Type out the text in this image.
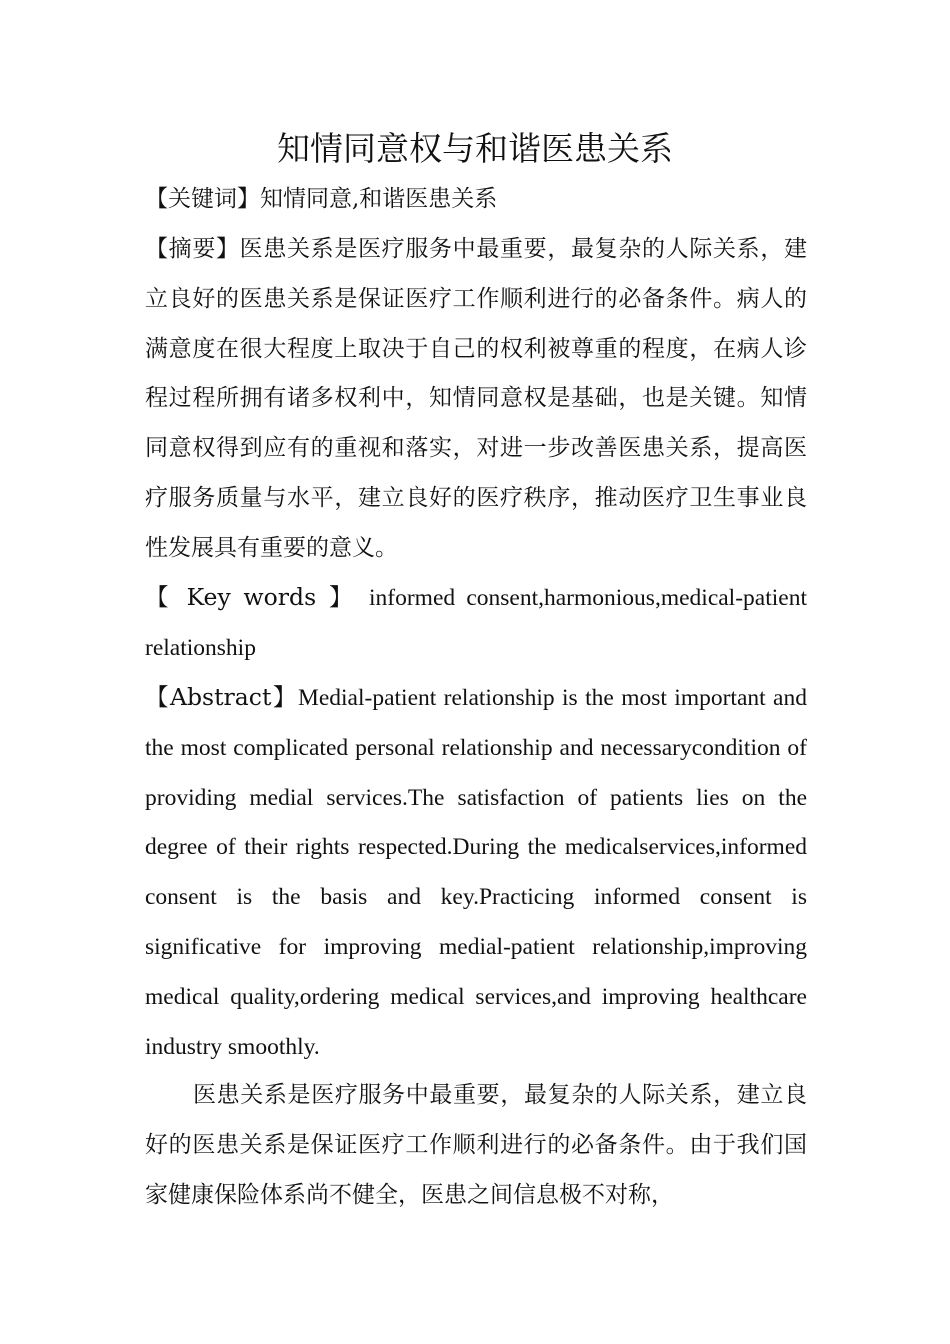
知情同意权与和谐医患关系

【关键词】知情同意,和谐医患关系

【摘要】医患关系是医疗服务中最重要，最复杂的人际关系，建立良好的医患关系是保证医疗工作顺利进行的必备条件。病人的满意度在很大程度上取决于自己的权利被尊重的程度，在病人诊程过程所拥有诸多权利中，知情同意权是基础，也是关键。知情同意权得到应有的重视和落实，对进一步改善医患关系，提高医疗服务质量与水平，建立良好的医疗秩序，推动医疗卫生事业良性发展具有重要的意义。

【 Key words 】 informed consent,harmonious,medical-patient relationship

【Abstract】Medial-patient relationship is the most important and the most complicated personal relationship and necessarycondition of providing medial services.The satisfaction of patients lies on the degree of their rights respected.During the medicalservices,informed consent is the basis and key.Practicing informed consent is significative for improving medial-patient relationship,improving medical quality,ordering medical services,and improving healthcare industry smoothly.

医患关系是医疗服务中最重要，最复杂的人际关系，建立良好的医患关系是保证医疗工作顺利进行的必备条件。由于我们国家健康保险体系尚不健全，医患之间信息极不对称，
